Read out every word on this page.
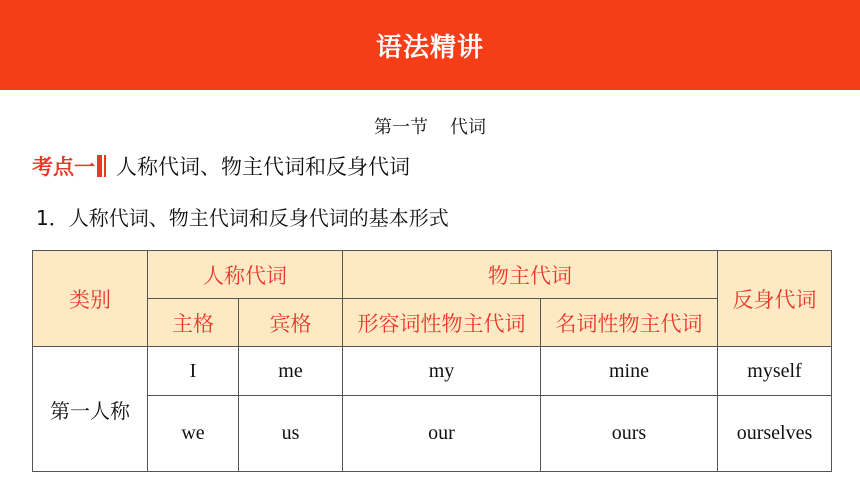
语法精讲
第一节 代词
考点一 人称代词、物主代词和反身代词
1．人称代词、物主代词和反身代词的基本形式
类别	人称代词		物主代词		反身代词
	主格	宾格	形容词性物主代词	名词性物主代词	
第一人称	I	me	my	mine	myself
	we	us	our	ours	ourselves
